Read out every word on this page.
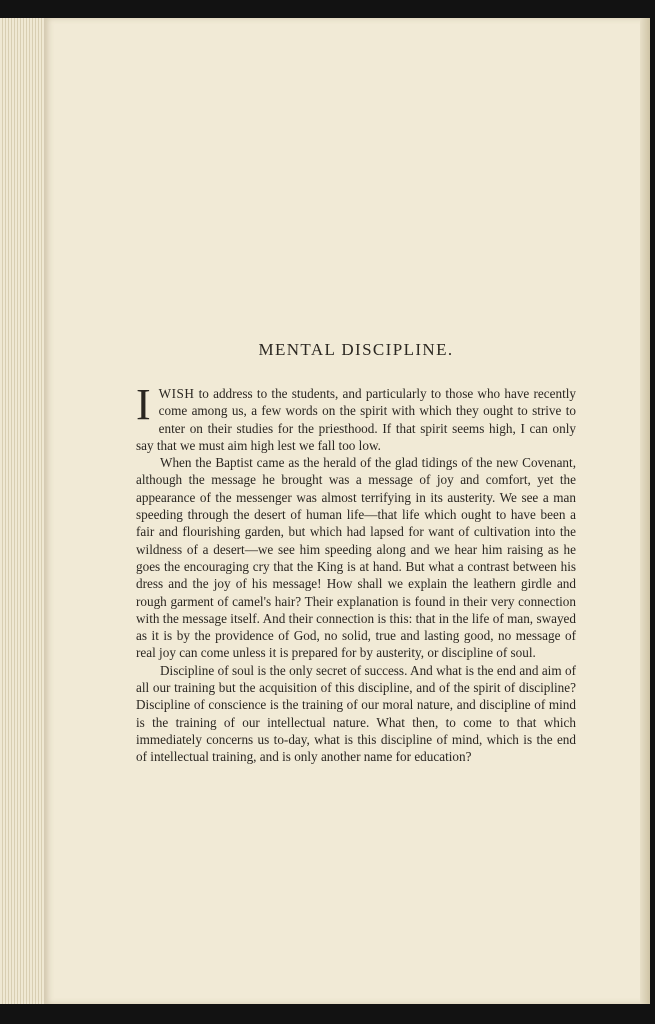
MENTAL DISCIPLINE.

IWISH to address to the students, and particularly to those who have recently come among us, a few words on the spirit with which they ought to strive to enter on their studies for the priesthood. If that spirit seems high, I can only say that we must aim high lest we fall too low.

When the Baptist came as the herald of the glad tidings of the new Covenant, although the message he brought was a message of joy and comfort, yet the appearance of the messenger was almost terrifying in its austerity. We see a man speeding through the desert of human life—that life which ought to have been a fair and flourishing garden, but which had lapsed for want of cultivation into the wildness of a desert—we see him speeding along and we hear him raising as he goes the encouraging cry that the King is at hand. But what a contrast between his dress and the joy of his message! How shall we explain the leathern girdle and rough garment of camel's hair? Their explanation is found in their very connection with the message itself. And their connection is this: that in the life of man, swayed as it is by the providence of God, no solid, true and lasting good, no message of real joy can come unless it is prepared for by austerity, or discipline of soul.

Discipline of soul is the only secret of success. And what is the end and aim of all our training but the acquisition of this discipline, and of the spirit of discipline? Discipline of conscience is the training of our moral nature, and discipline of mind is the training of our intellectual nature. What then, to come to that which immediately concerns us to-day, what is this discipline of mind, which is the end of intellectual training, and is only another name for education?
